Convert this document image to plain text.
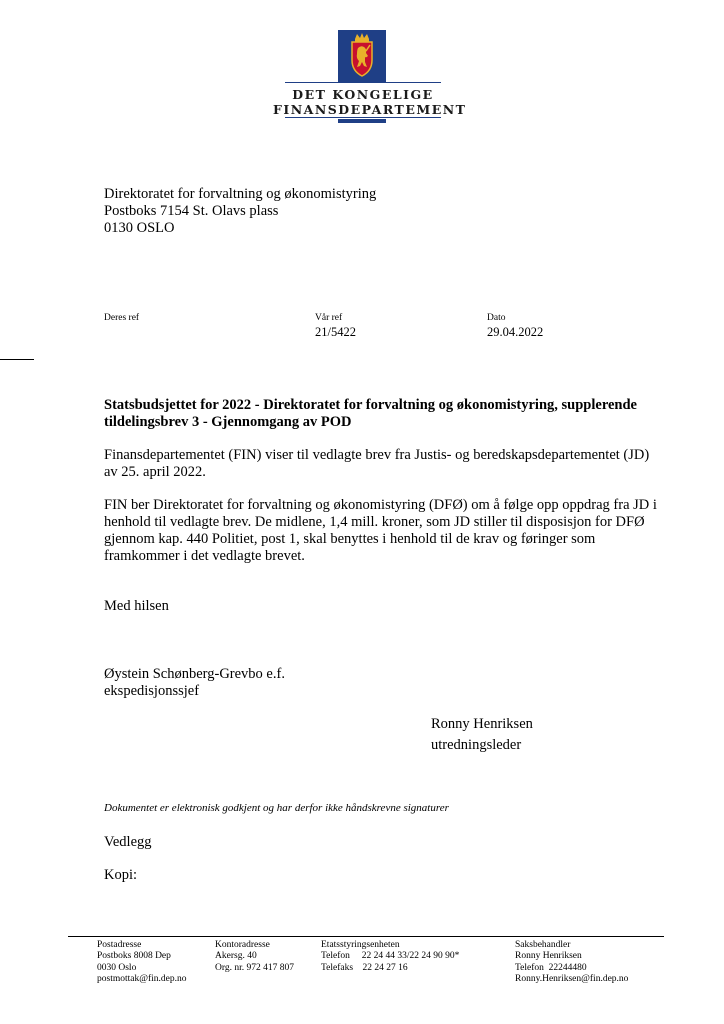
DET KONGELIGE
FINANSDEPARTEMENT
Direktoratet for forvaltning og økonomistyring
Postboks 7154 St. Olavs plass
0130 OSLO
Deres ref	Vår ref
21/5422
Dato
29.04.2022
Statsbudsjettet for 2022 - Direktoratet for forvaltning og økonomistyring, supplerende tildelingsbrev 3 - Gjennomgang av POD
Finansdepartementet (FIN) viser til vedlagte brev fra Justis- og beredskapsdepartementet (JD) av 25. april 2022.
FIN ber Direktoratet for forvaltning og økonomistyring (DFØ) om å følge opp oppdrag fra JD i henhold til vedlagte brev. De midlene, 1,4 mill. kroner, som JD stiller til disposisjon for DFØ gjennom kap. 440 Politiet, post 1, skal benyttes i henhold til de krav og føringer som framkommer i det vedlagte brevet.
Med hilsen
Øystein Schønberg-Grevbo e.f.
ekspedisjonssjef
Ronny Henriksen
utredningsleder
Dokumentet er elektronisk godkjent og har derfor ikke håndskrevne signaturer
Vedlegg
Kopi:
Postadresse
Postboks 8008 Dep
0030 Oslo
postmottak@fin.dep.no
Kontoradresse
Akersg. 40
Org. nr. 972 417 807
Etatsstyringsenheten
Telefon     22 24 44 33/22 24 90 90*
Telefaks    22 24 27 16
Saksbehandler
Ronny Henriksen
Telefon  22244480
Ronny.Henriksen@fin.dep.no
